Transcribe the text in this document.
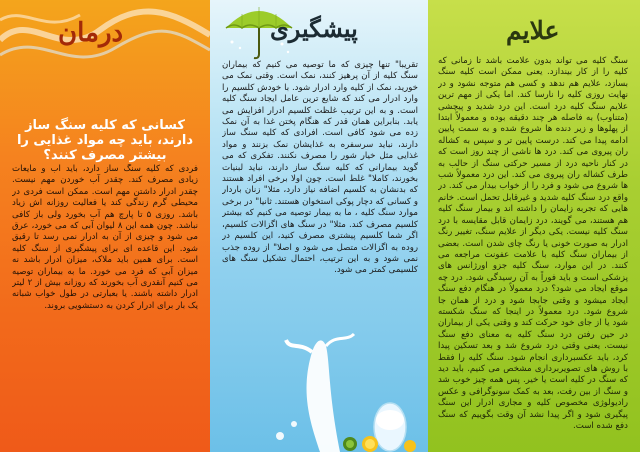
درمان

کسانی که کلیه سنگ ساز دارند، باید چه مواد غذایی را بیشتر مصرف کنند؟

فردی که کلیه سنگ ساز دارد، باید آب و مایعات زیادی مصرف کند. چقدر آب خوردن مهم نیست. چقدر ادرار داشتن مهم است. ممکن است فردی در محیطی گرم زندگی کند یا فعالیت روزانه اش زیاد باشد. روزی ۵ تا پارچ هم آب بخورد ولی باز کافی نباشد. چون همه این ۸ لیوان آبی که می خورد، عرق می شود و چیزی از آن به ادرار نمی رسد تا رقیق شود. این قاعده ای برای پیشگیری از سنگ کلیه است. برای همین باید ملاک، میزان ادرار باشد نه میزان آبی که فرد می خورد. ما به بیماران توصیه می کنیم آنقدری آب بخورند که روزانه بیش از ۲ لیتر ادرار داشته باشند. یا بعبارتی در طول خواب شبانه یک بار برای ادرار کردن به دستشویی بروند.

پیشگیری

تقریبا" تنها چیزی که ما توصیه می کنیم که بیماران سنگ کلیه از آن پرهیز کنند، نمک است. وقتی نمک می خورید، نمک از کلیه وارد ادرار شود. با خودش کلسیم را وارد ادرار می کند که شایع ترین عامل ایجاد سنگ کلیه است. و به این ترتیب غلظت کلسیم ادرار افزایش می یابد. بنابراین همان قدر که هنگام پختن غذا به آن نمک زده می شود کافی است. افرادی که کلیه سنگ ساز دارند، نباید سرسفره به غذایشان نمک بزنند و مواد غذایی مثل خیار شور را مصرف نکنند. تفکری که می گوید بیمارانی که کلیه سنگ ساز دارند، نباید لبنیات بخورند، کاملا" غلط است. چون اولا برخی افراد هستند که بدنشان به کلسیم اضافه نیاز دارد، مثلا" زنان باردار و کسانی که دچار پوکی استخوان هستند. ثانیا" در برخی موارد سنگ کلیه ، ما به بیمار توصیه می کنیم که بیشتر کلسیم مصرف کند. مثلا" در سنگ های اگزالات کلسیم، اگر شما کلسیم پیشتری مصرف کنید، این کلسیم در روده به اگزالات متصل می شود و اصلا" از روده جذب نمی شود و به این ترتیب، احتمال تشکیل سنگ های کلسیمی کمتر می شود.

علایم

سنگ کلیه می تواند بدون علامت باشد تا زمانی که کلیه را از کار بیندازد. یعنی ممکن است کلیه سنگ بسازد، علایم هم ندهد و کسی هم متوجه نشود و در نهایت روزی کلیه را نارسا کند. اما یکی از مهم ترین علایم سنگ کلیه درد است. این درد شدید و پیچشی (متناوب) به فاصله هر چند دقیقه بوده و معمولاً ابتدا از پهلوها و زیر دنده ها شروع شده و به سمت پایین ادامه پیدا می کند. درست پایین تر و سپس به کشاله ران پیروی می کند. درد ها ناشی از چند روز است که در کنار ناحیه درد از مسیر حرکتی سنگ از حالب به طرف کشاله ران پیروی می کند. این درد معمولاً شب ها شروع می شود و فرد را از خواب بیدار می کند. در واقع درد سنگ کلیه شدید و غیرقابل تحمل است. خانم هایی که تجربه زایمان را داشته اند و بیمار سنگ کلیه هم هستند، می گویند، درد زایمان قابل مقایسه با درد سنگ کلیه نیست. یکی دیگر از علایم سنگ، تغییر رنگ ادرار به صورت خونی یا رنگ چای شدن است. بعضی از بیماران سنگ کلیه با علامت عفونت مراجعه می کنند. در این موارد، سنگ کلیه جزو اورژانس های پزشکی است و باید فوراً به آن رسیدگی شود. درد چه موقع ایجاد می شود؟ درد معمولاً در هنگام دفع سنگ ایجاد میشود و وقتی جابجا شود و درد از همان جا شروع شود. درد معمولاً در اینجا که سنگ شکسته شود یا از جای خود حرکت کند و وقتی یکی از بیماران در حین رفتن درد سنگ کلیه به معنای دفع سنگ نیست. یعنی وقتی درد شروع شد و بعد تسکین پیدا کرد، باید عکسبرداری انجام شود. سنگ کلیه را فقط با روش های تصویربرداری مشخص می کنیم. باید دید که سنگ در کلیه است یا خیر. پس همه چیز خوب شد و سنگ از بین رفت، بعد به کمک سونوگرافی و عکس رادیولوژی مخصوص کلیه و مجاری ادرار این سنگ پیگیری شود و اگر پیدا نشد آن وقت بگوییم که سنگ دفع شده است.
